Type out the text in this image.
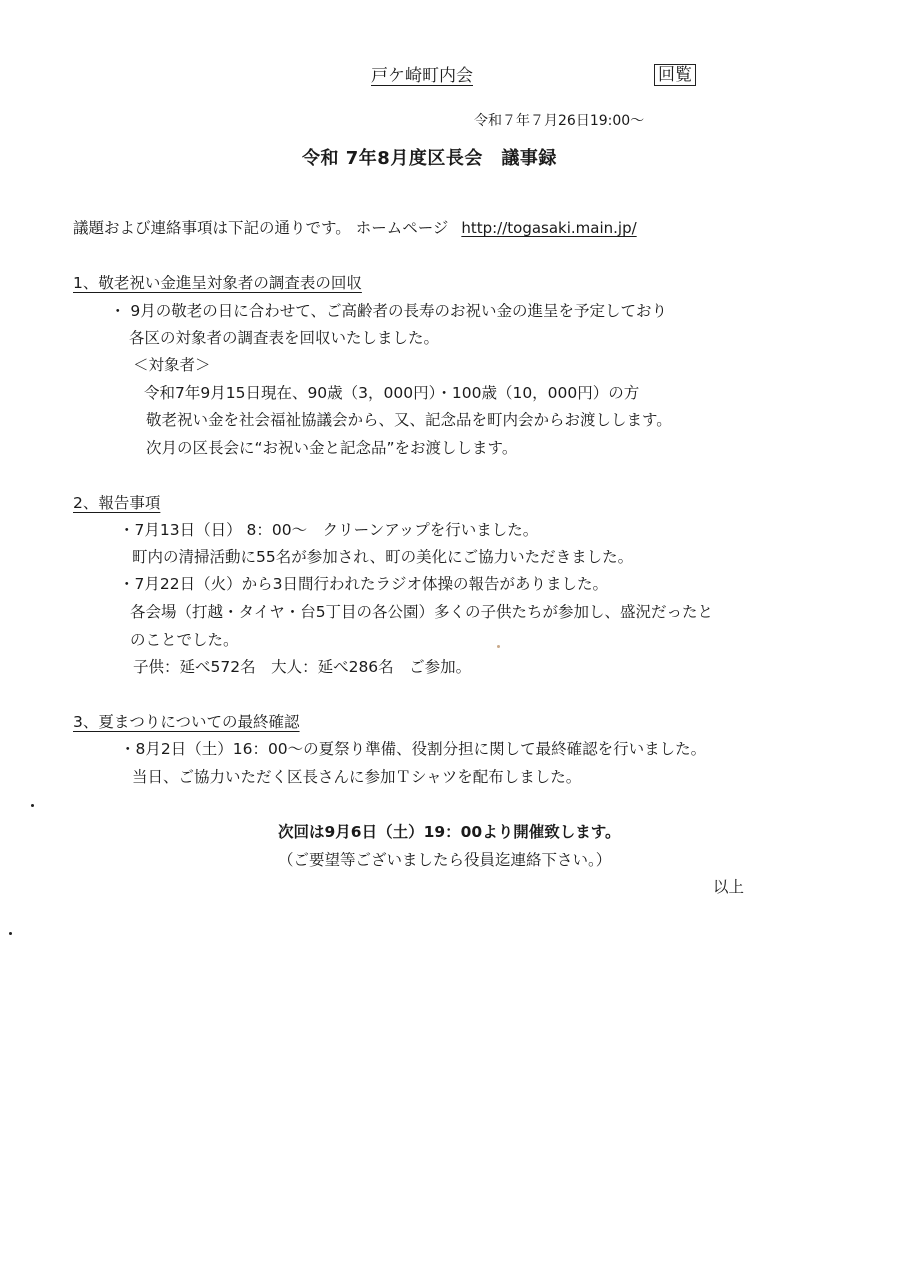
戸ケ崎町内会	回覧
令和７年７月26日19:00～
令和 7年8月度区長会　議事録
議題および連絡事項は下記の通りです。 ホームページ http://togasaki.main.jp/
1、敬老祝い金進呈対象者の調査表の回収
・ 9月の敬老の日に合わせて、ご高齢者の長寿のお祝い金の進呈を予定しており
各区の対象者の調査表を回収いたしました。
＜対象者＞
令和7年9月15日現在、90歳（3，000円）・100歳（10，000円）の方
敬老祝い金を社会福祉協議会から、又、記念品を町内会からお渡しします。
次月の区長会に“お祝い金と記念品”をお渡しします。
2、報告事項
・7月13日（日） 8：00～　クリーンアップを行いました。
町内の清掃活動に55名が参加され、町の美化にご協力いただきました。
・7月22日（火）から3日間行われたラジオ体操の報告がありました。
各会場（打越・タイヤ・台5丁目の各公園）多くの子供たちが参加し、盛況だったと
のことでした。
子供：延べ572名　大人：延べ286名　ご参加。
3、夏まつりについての最終確認
・8月2日（土）16：00～の夏祭り準備、役割分担に関して最終確認を行いました。
当日、ご協力いただく区長さんに参加Ｔシャツを配布しました。
次回は9月6日（土）19：00より開催致します。
（ご要望等ございましたら役員迄連絡下さい。）
以上
